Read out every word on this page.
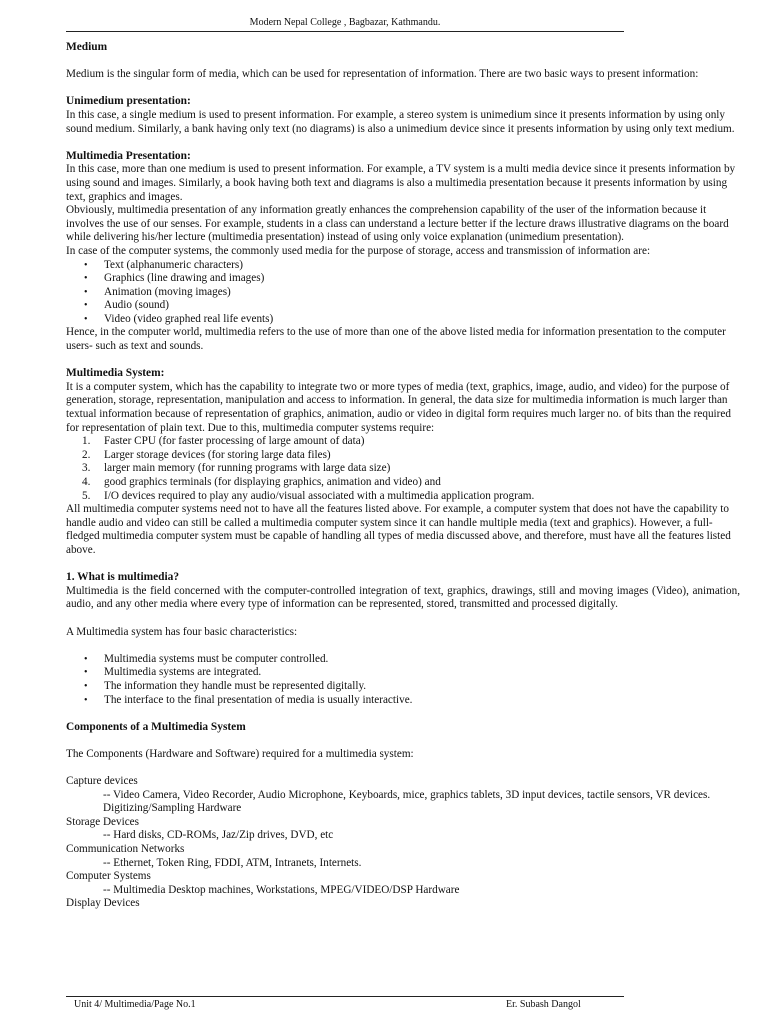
Modern Nepal College , Bagbazar, Kathmandu.
Medium

Medium is the singular form of media, which can be used for representation of information. There are two basic ways to present information:

Unimedium presentation:

In this case, a single medium is used to present information. For example, a stereo system is unimedium since it presents information by using only sound medium. Similarly, a bank having only text (no diagrams) is also a unimedium device since it presents information by using only text medium.

Multimedia Presentation:

In this case, more than one medium is used to present information. For example, a TV system is a multi media device since it presents information by using sound and images. Similarly, a book having both text and diagrams is also a multimedia presentation because it presents information by using text, graphics and images.

Obviously, multimedia presentation of any information greatly enhances the comprehension capability of the user of the information because it involves the use of our senses. For example, students in a class can understand a lecture better if the lecture draws illustrative diagrams on the board while delivering his/her lecture (multimedia presentation) instead of using only voice explanation (unimedium presentation).

In case of the computer systems, the commonly used media for the purpose of storage, access and transmission of information are:

• Text (alphanumeric characters)
• Graphics (line drawing and images)
• Animation (moving images)
• Audio (sound)
• Video (video graphed real life events)

Hence, in the computer world, multimedia refers to the use of more than one of the above listed media for information presentation to the computer users- such as text and sounds.

Multimedia System:

It is a computer system, which has the capability to integrate two or more types of media (text, graphics, image, audio, and video) for the purpose of generation, storage, representation, manipulation and access to information. In general, the data size for multimedia information is much larger than textual information because of representation of graphics, animation, audio or video in digital form requires much larger no. of bits than the required for representation of plain text. Due to this, multimedia computer systems require:

1. Faster CPU (for faster processing of large amount of data)
2. Larger storage devices (for storing large data files)
3. larger main memory (for running programs with large data size)
4. good graphics terminals (for displaying graphics, animation and video) and
5. I/O devices required to play any audio/visual associated with a multimedia application program.

All multimedia computer systems need not to have all the features listed above. For example, a computer system that does not have the capability to handle audio and video can still be called a multimedia computer system since it can handle multiple media (text and graphics). However, a full-fledged multimedia computer system must be capable of handling all types of media discussed above, and therefore, must have all the features listed above.

1. What is multimedia?

Multimedia is the field concerned with the computer-controlled integration of text, graphics, drawings, still and moving images (Video), animation, audio, and any other media where every type of information can be represented, stored, transmitted and processed digitally.

A Multimedia system has four basic characteristics:

• Multimedia systems must be computer controlled.
• Multimedia systems are integrated.
• The information they handle must be represented digitally.
• The interface to the final presentation of media is usually interactive.
Components of a Multimedia System

The Components (Hardware and Software) required for a multimedia system:

Capture devices

-- Video Camera, Video Recorder, Audio Microphone, Keyboards, mice, graphics tablets, 3D input devices, tactile sensors, VR devices. Digitizing/Sampling Hardware

Storage Devices

-- Hard disks, CD-ROMs, Jaz/Zip drives, DVD, etc

Communication Networks

-- Ethernet, Token Ring, FDDI, ATM, Intranets, Internets.

Computer Systems

-- Multimedia Desktop machines, Workstations, MPEG/VIDEO/DSP Hardware

Display Devices

Unit 4/ Multimedia/Page No.1	Er. Subash Dangol
